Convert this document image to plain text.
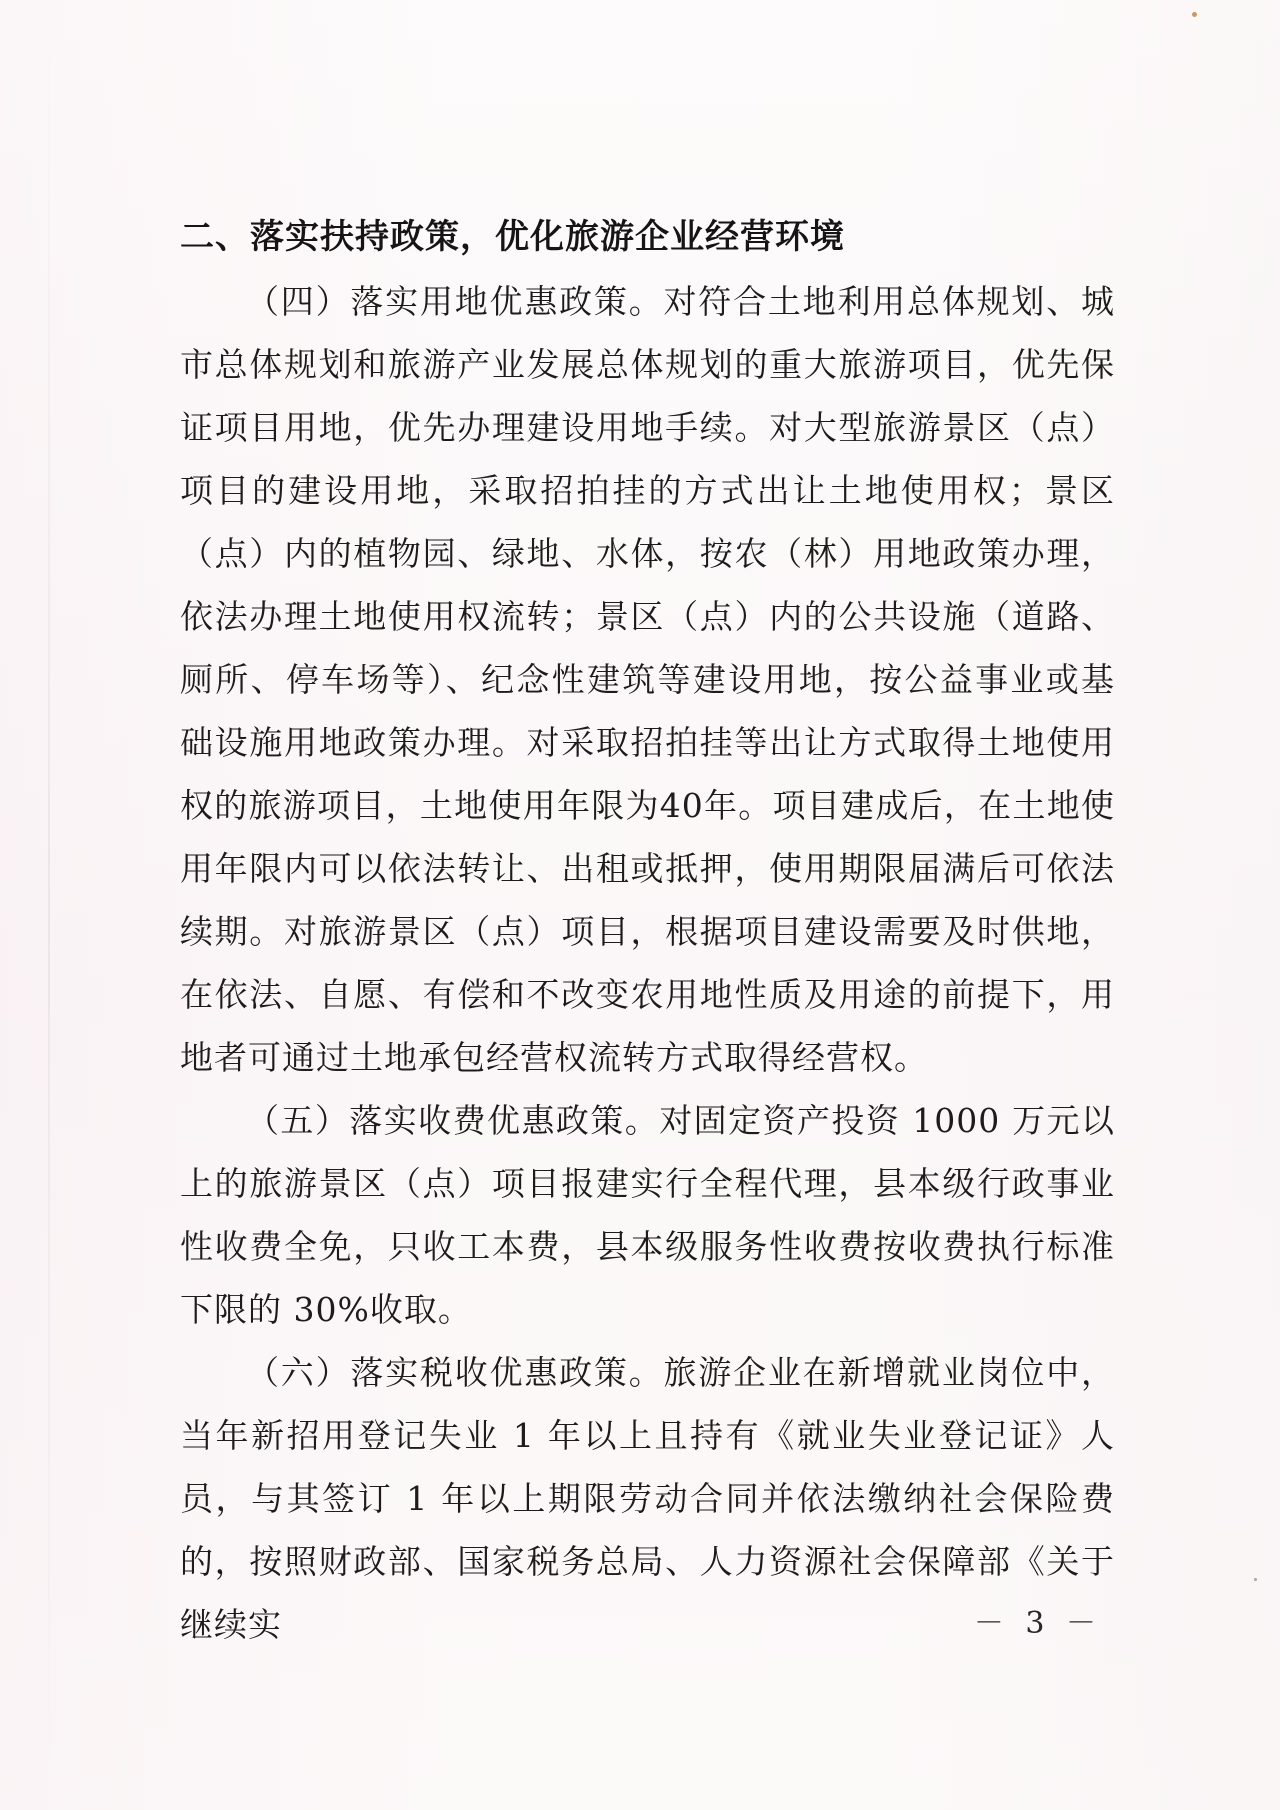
二、落实扶持政策，优化旅游企业经营环境

（四）落实用地优惠政策。对符合土地利用总体规划、城市总体规划和旅游产业发展总体规划的重大旅游项目，优先保证项目用地，优先办理建设用地手续。对大型旅游景区（点）项目的建设用地，采取招拍挂的方式出让土地使用权；景区（点）内的植物园、绿地、水体，按农（林）用地政策办理，依法办理土地使用权流转；景区（点）内的公共设施（道路、厕所、停车场等）、纪念性建筑等建设用地，按公益事业或基础设施用地政策办理。对采取招拍挂等出让方式取得土地使用权的旅游项目，土地使用年限为40年。项目建成后，在土地使用年限内可以依法转让、出租或抵押，使用期限届满后可依法续期。对旅游景区（点）项目，根据项目建设需要及时供地，在依法、自愿、有偿和不改变农用地性质及用途的前提下，用地者可通过土地承包经营权流转方式取得经营权。

（五）落实收费优惠政策。对固定资产投资 1000 万元以上的旅游景区（点）项目报建实行全程代理，县本级行政事业性收费全免，只收工本费，县本级服务性收费按收费执行标准下限的 30%收取。

（六）落实税收优惠政策。旅游企业在新增就业岗位中，当年新招用登记失业 1 年以上且持有《就业失业登记证》人员，与其签订 1 年以上期限劳动合同并依法缴纳社会保险费的，按照财政部、国家税务总局、人力资源社会保障部《关于继续实	－ 3 －
